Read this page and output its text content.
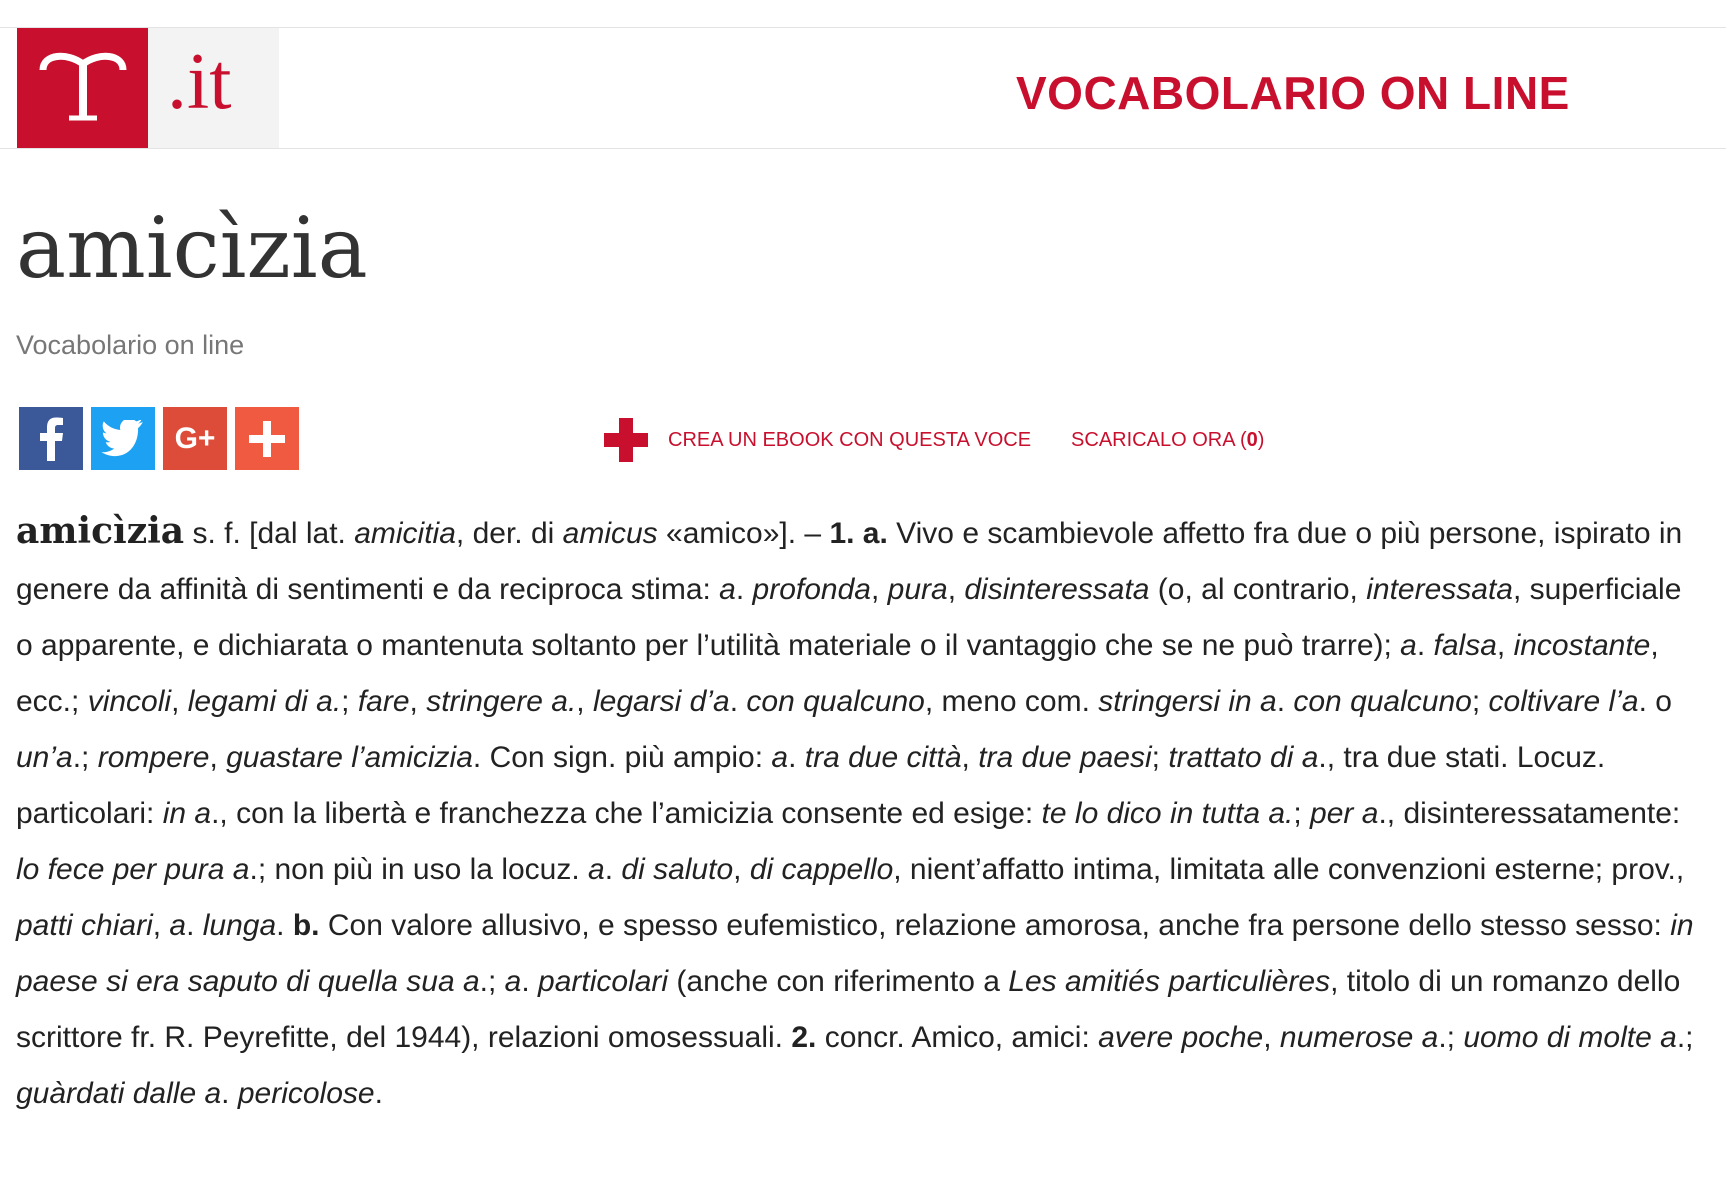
.it	VOCABOLARIO ON LINE
amicìzia
Vocabolario on line
G+	CREA UN EBOOK CON QUESTA VOCE SCARICALO ORA (0)

amicìzia s. f. [dal lat. amicitia, der. di amicus «amico»]. – 1. a. Vivo e scambievole affetto fra due o più persone, ispirato in genere da affinità di sentimenti e da reciproca stima: a. profonda, pura, disinteressata (o, al contrario, interessata, superficiale o apparente, e dichiarata o mantenuta soltanto per l’utilità materiale o il vantaggio che se ne può trarre); a. falsa, incostante, ecc.; vincoli, legami di a.; fare, stringere a., legarsi d’a. con qualcuno, meno com. stringersi in a. con qualcuno; coltivare l’a. o un’a.; rompere, guastare l’amicizia. Con sign. più ampio: a. tra due città, tra due paesi; trattato di a., tra due stati. Locuz. particolari: in a., con la libertà e franchezza che l’amicizia consente ed esige: te lo dico in tutta a.; per a., disinteressatamente: lo fece per pura a.; non più in uso la locuz. a. di saluto, di cappello, nient’affatto intima, limitata alle convenzioni esterne; prov., patti chiari, a. lunga. b. Con valore allusivo, e spesso eufemistico, relazione amorosa, anche fra persone dello stesso sesso: in paese si era saputo di quella sua a.; a. particolari (anche con riferimento a Les amitiés particulières, titolo di un romanzo dello scrittore fr. R. Peyrefitte, del 1944), relazioni omosessuali. 2. concr. Amico, amici: avere poche, numerose a.; uomo di molte a.; guàrdati dalle a. pericolose.
